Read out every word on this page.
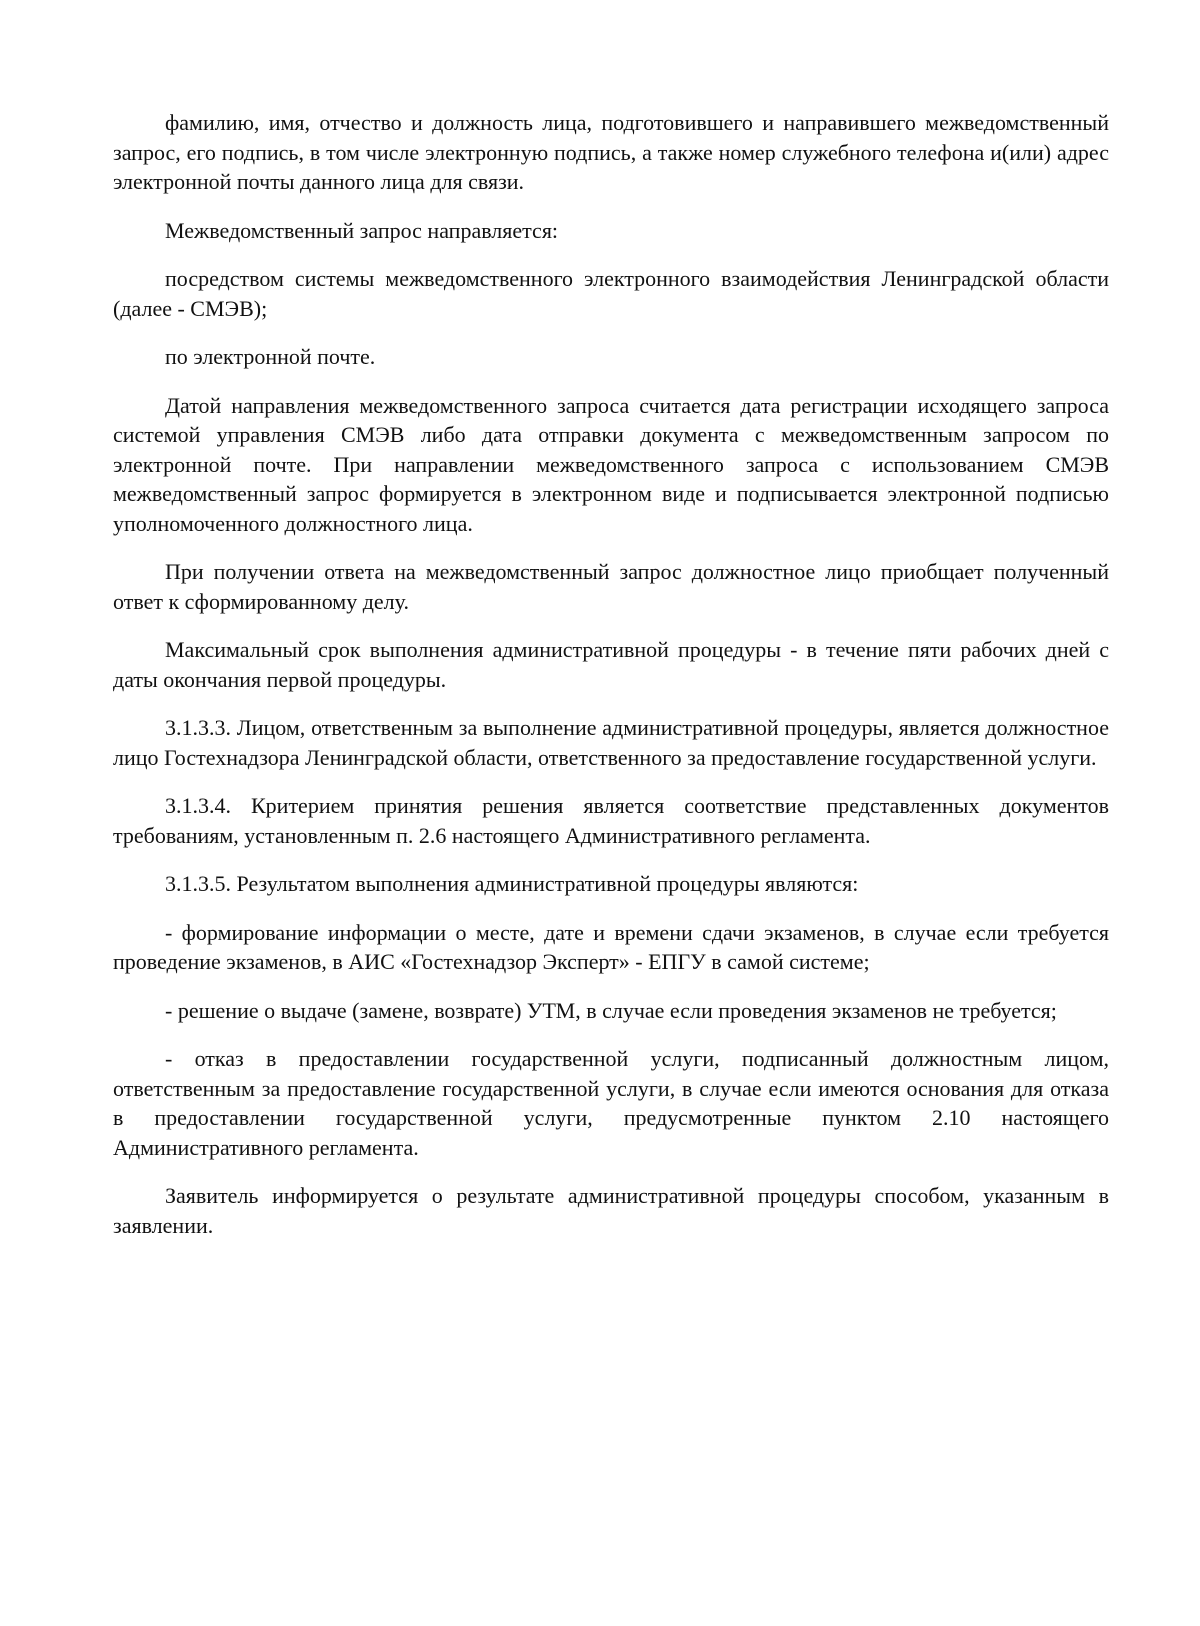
фамилию, имя, отчество и должность лица, подготовившего и направившего межведомственный запрос, его подпись, в том числе электронную подпись, а также номер служебного телефона и(или) адрес электронной почты данного лица для связи.

Межведомственный запрос направляется:

посредством системы межведомственного электронного взаимодействия Ленинградской области (далее - СМЭВ);

по электронной почте.

Датой направления межведомственного запроса считается дата регистрации исходящего запроса системой управления СМЭВ либо дата отправки документа с межведомственным запросом по электронной почте. При направлении межведомственного запроса с использованием СМЭВ межведомственный запрос формируется в электронном виде и подписывается электронной подписью уполномоченного должностного лица.

При получении ответа на межведомственный запрос должностное лицо приобщает полученный ответ к сформированному делу.

Максимальный срок выполнения административной процедуры - в течение пяти рабочих дней с даты окончания первой процедуры.

3.1.3.3. Лицом, ответственным за выполнение административной процедуры, является должностное лицо Гостехнадзора Ленинградской области, ответственного за предоставление государственной услуги.

3.1.3.4. Критерием принятия решения является соответствие представленных документов требованиям, установленным п. 2.6 настоящего Административного регламента.

3.1.3.5. Результатом выполнения административной процедуры являются:

- формирование информации о месте, дате и времени сдачи экзаменов, в случае если требуется проведение экзаменов, в АИС «Гостехнадзор Эксперт» - ЕПГУ в самой системе;

- решение о выдаче (замене, возврате) УТМ, в случае если проведения экзаменов не требуется;

- отказ в предоставлении государственной услуги, подписанный должностным лицом, ответственным за предоставление государственной услуги, в случае если имеются основания для отказа в предоставлении государственной услуги, предусмотренные пунктом 2.10 настоящего Административного регламента.

Заявитель информируется о результате административной процедуры способом, указанным в заявлении.
